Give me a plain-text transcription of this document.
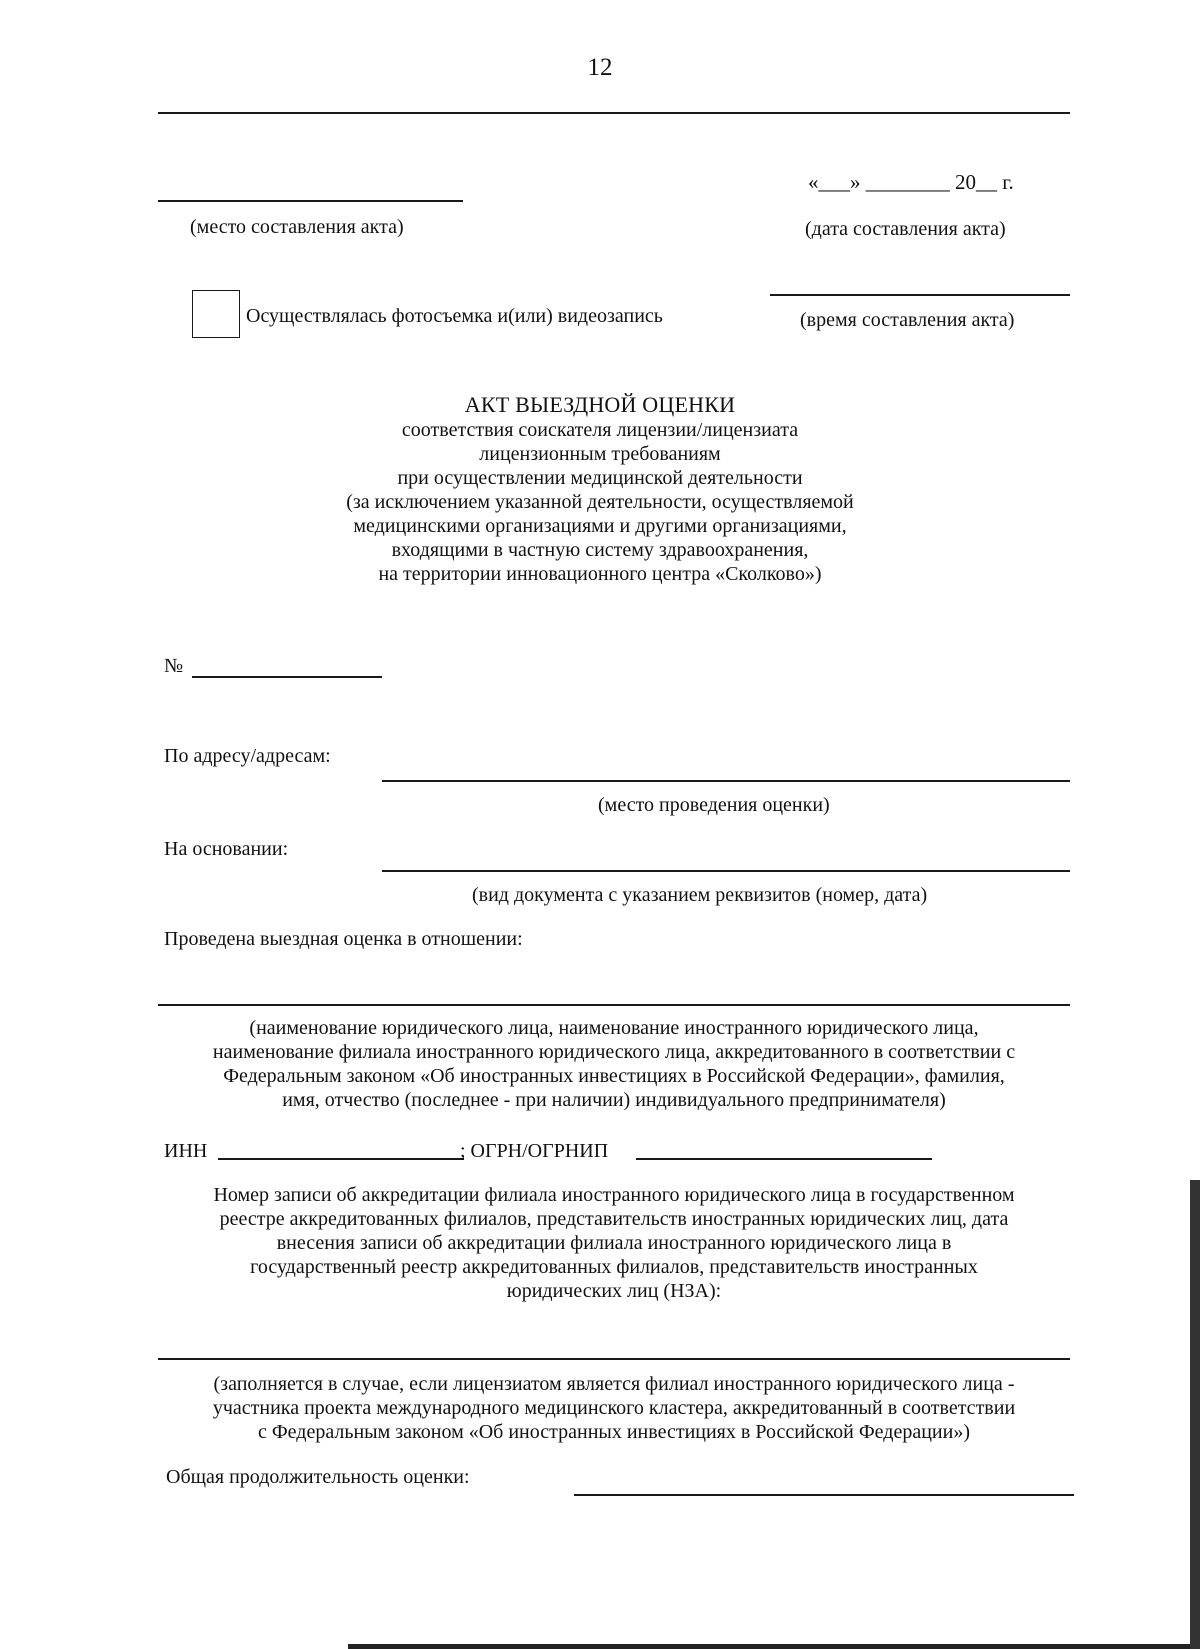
12
«___» ________ 20__ г.
(место составления акта)	(дата составления акта)
Осуществлялась фотосъемка и(или) видеозапись	(время составления акта)
АКТ ВЫЕЗДНОЙ ОЦЕНКИ
соответствия соискателя лицензии/лицензиата
лицензионным требованиям
при осуществлении медицинской деятельности
(за исключением указанной деятельности, осуществляемой
медицинскими организациями и другими организациями,
входящими в частную систему здравоохранения,
на территории инновационного центра «Сколково»)
№
По адресу/адресам:
(место проведения оценки)
На основании:
(вид документа с указанием реквизитов (номер, дата)
Проведена выездная оценка в отношении:
(наименование юридического лица, наименование иностранного юридического лица,
наименование филиала иностранного юридического лица, аккредитованного в соответствии с
Федеральным законом «Об иностранных инвестициях в Российской Федерации», фамилия,
имя, отчество (последнее - при наличии) индивидуального предпринимателя)
ИНН	; ОГРН/ОГРНИП
Номер записи об аккредитации филиала иностранного юридического лица в государственном
реестре аккредитованных филиалов, представительств иностранных юридических лиц, дата
внесения записи об аккредитации филиала иностранного юридического лица в
государственный реестр аккредитованных филиалов, представительств иностранных
юридических лиц (НЗА):
(заполняется в случае, если лицензиатом является филиал иностранного юридического лица -
участника проекта международного медицинского кластера, аккредитованный в соответствии
с Федеральным законом «Об иностранных инвестициях в Российской Федерации»)
Общая продолжительность оценки:
